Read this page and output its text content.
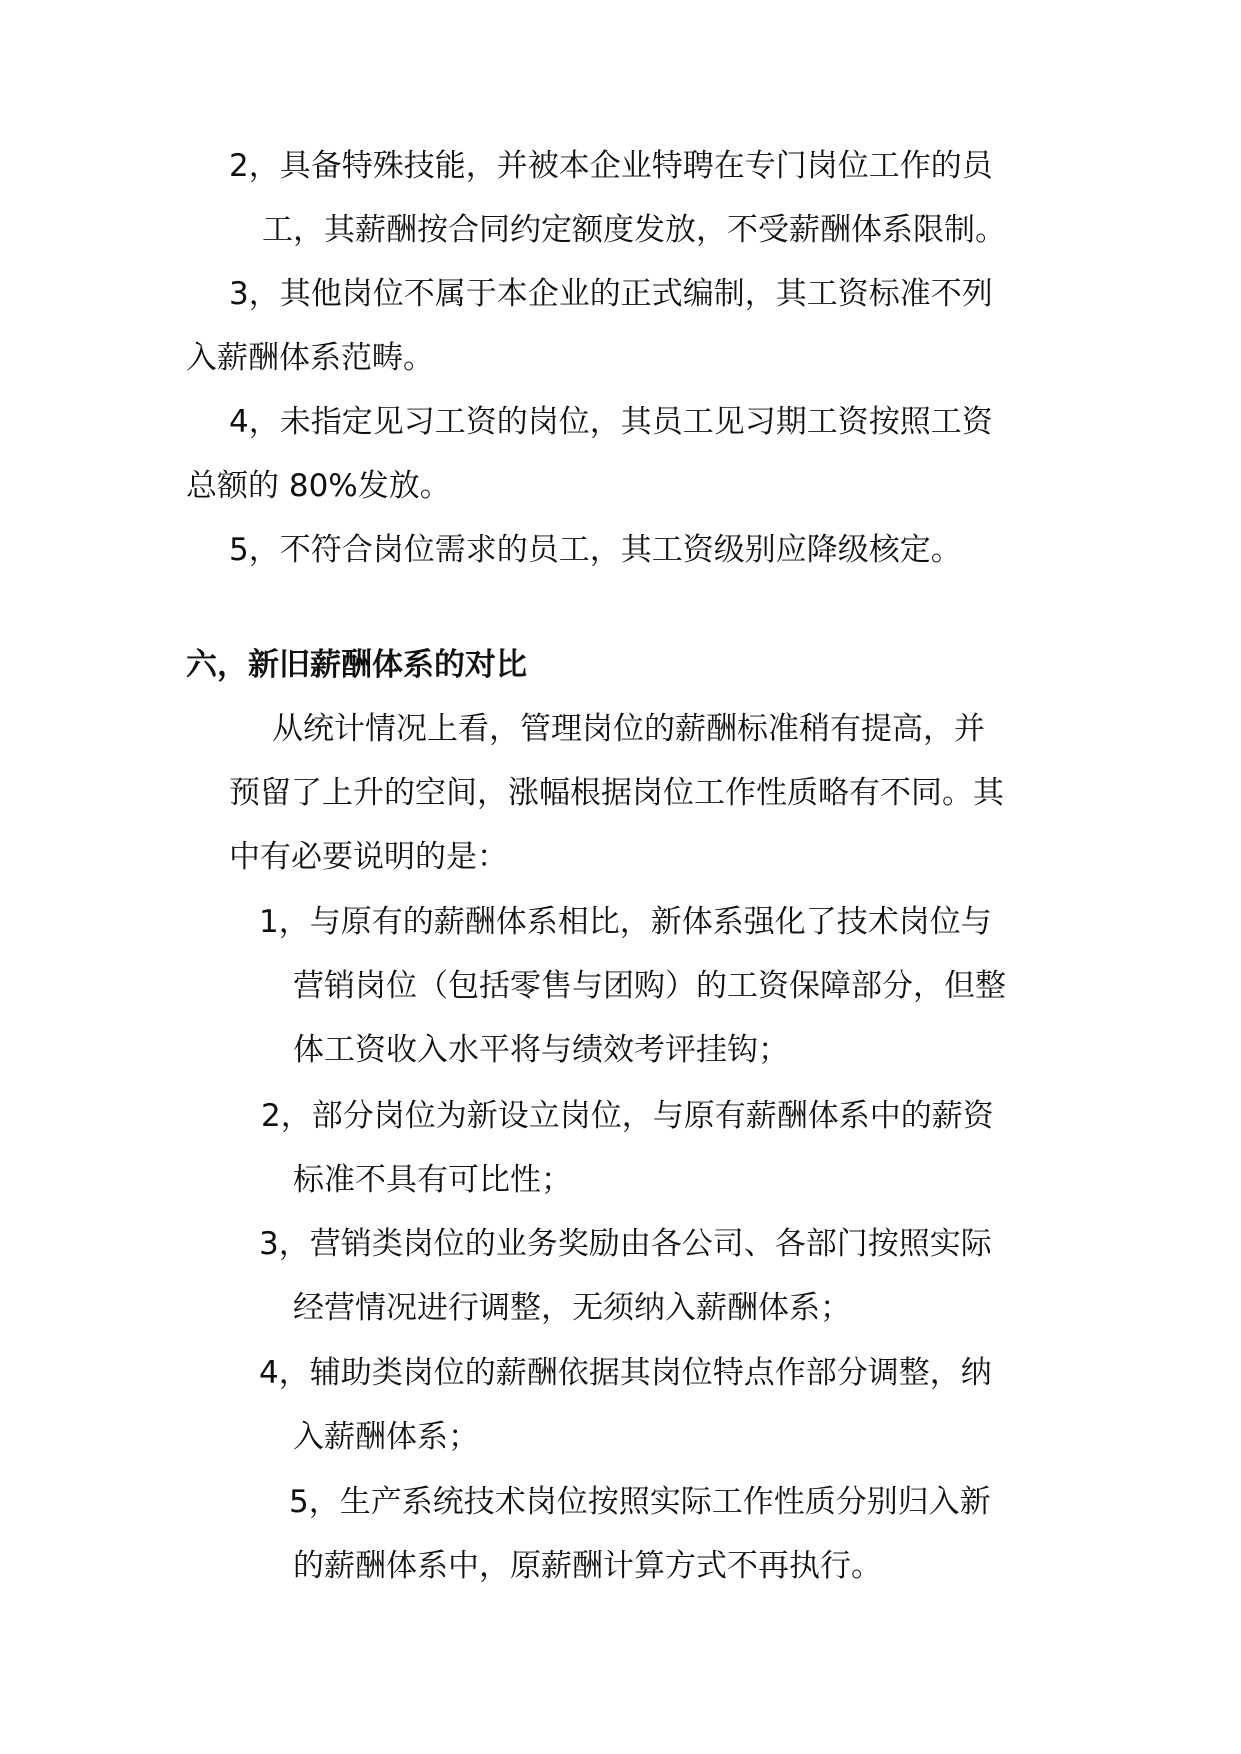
2，具备特殊技能，并被本企业特聘在专门岗位工作的员

工，其薪酬按合同约定额度发放，不受薪酬体系限制。

3，其他岗位不属于本企业的正式编制，其工资标准不列

入薪酬体系范畴。

4，未指定见习工资的岗位，其员工见习期工资按照工资

总额的 80%发放。

5，不符合岗位需求的员工，其工资级别应降级核定。

六，新旧薪酬体系的对比

从统计情况上看，管理岗位的薪酬标准稍有提高，并

预留了上升的空间，涨幅根据岗位工作性质略有不同。其

中有必要说明的是：

1，与原有的薪酬体系相比，新体系强化了技术岗位与

营销岗位（包括零售与团购）的工资保障部分，但整

体工资收入水平将与绩效考评挂钩；

2，部分岗位为新设立岗位，与原有薪酬体系中的薪资

标准不具有可比性；

3，营销类岗位的业务奖励由各公司、各部门按照实际

经营情况进行调整，无须纳入薪酬体系；

4，辅助类岗位的薪酬依据其岗位特点作部分调整，纳

入薪酬体系；

5，生产系统技术岗位按照实际工作性质分别归入新

的薪酬体系中，原薪酬计算方式不再执行。
